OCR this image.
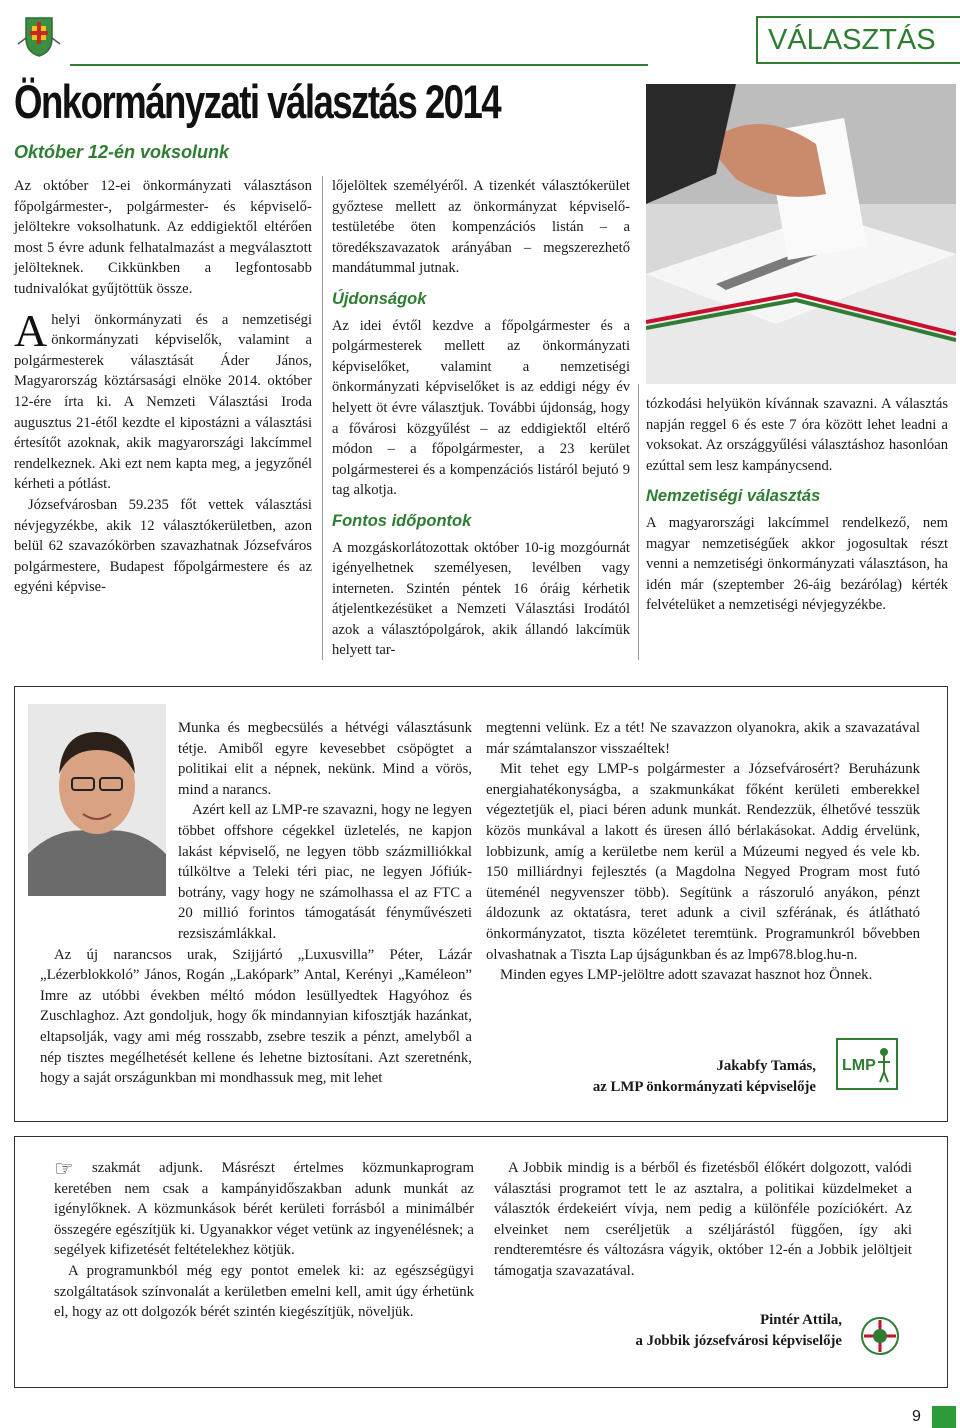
VÁLASZTÁS
Önkormányzati választás 2014
Október 12-én voksolunk

Az október 12-ei önkormányzati választáson főpolgármester-, polgármester- és képviselő-jelöltekre voksolhatunk. Az eddigiektől eltérően most 5 évre adunk felhatalmazást a megválasztott jelölteknek. Cikkünkben a legfontosabb tudnivalókat gyűjtöttük össze.

Ahelyi önkormányzati és a nemzetiségi önkormányzati képviselők, valamint a polgármesterek választását Áder János, Magyarország köztársasági elnöke 2014. október 12-ére írta ki. A Nemzeti Választási Iroda augusztus 21-étől kezdte el kipostázni a választási értesítőt azoknak, akik magyarországi lakcímmel rendelkeznek. Aki ezt nem kapta meg, a jegyzőnél kérheti a pótlást.

Józsefvárosban 59.235 főt vettek választási névjegyzékbe, akik 12 választókerületben, azon belül 62 szavazókörben szavazhatnak Józsefváros polgármestere, Budapest főpolgármestere és az egyéni képvise-

lőjelöltek személyéről. A tizenkét választókerület győztese mellett az önkormányzat képviselő-testületébe öten kompenzációs listán – a töredékszavazatok arányában – megszerezhető mandátummal jutnak.

Újdonságok

Az idei évtől kezdve a főpolgármester és a polgármesterek mellett az önkormányzati képviselőket, valamint a nemzetiségi önkormányzati képviselőket is az eddigi négy év helyett öt évre választjuk. További újdonság, hogy a fővárosi közgyűlést – az eddigiektől eltérő módon – a főpolgármester, a 23 kerület polgármesterei és a kompenzációs listáról bejutó 9 tag alkotja.

Fontos időpontok

A mozgáskorlátozottak október 10-ig mozgóurnát igényelhetnek személyesen, levélben vagy interneten. Szintén péntek 16 óráig kérhetik átjelentkezésüket a Nemzeti Választási Irodától azok a választópolgárok, akik állandó lakcímük helyett tar-

tózkodási helyükön kívánnak szavazni. A választás napján reggel 6 és este 7 óra között lehet leadni a voksokat. Az országgyűlési választáshoz hasonlóan ezúttal sem lesz kampánycsend.

Nemzetiségi választás

A magyarországi lakcímmel rendelkező, nem magyar nemzetiségűek akkor jogosultak részt venni a nemzetiségi önkormányzati választáson, ha idén már (szeptember 26-áig bezárólag) kérték felvételüket a nemzetiségi névjegyzékbe.

Munka és megbecsülés a hétvégi választásunk tétje. Amiből egyre kevesebbet csöpögtet a politikai elit a népnek, nekünk. Mind a vörös, mind a narancs.

Azért kell az LMP-re szavazni, hogy ne legyen többet offshore cégekkel üzletelés, ne kapjon lakást képviselő, ne legyen több százmilliókkal túlköltve a Teleki téri piac, ne legyen Jófiúk-botrány, vagy hogy ne számolhassa el az FTC a 20 millió forintos támogatását fényművészeti rezsiszámlákkal.

Az új narancsos urak, Szijjártó „Luxusvilla” Péter, Lázár „Lézerblokkoló” János, Rogán „Lakópark” Antal, Kerényi „Kaméleon” Imre az utóbbi években méltó módon lesüllyedtek Hagyóhoz és Zuschlaghoz. Azt gondoljuk, hogy ők mindannyian kifosztják hazánkat, eltapsolják, vagy ami még rosszabb, zsebre teszik a pénzt, amelyből a nép tisztes megélhetését kellene és lehetne biztosítani. Azt szeretnénk, hogy a saját országunkban mi mondhassuk meg, mit lehet

megtenni velünk. Ez a tét! Ne szavazzon olyanokra, akik a szavazatával már számtalanszor visszaéltek!

Mit tehet egy LMP-s polgármester a Józsefvárosért? Beruházunk energiahatékonyságba, a szakmunkákat főként kerületi emberekkel végeztetjük el, piaci béren adunk munkát. Rendezzük, élhetővé tesszük közös munkával a lakott és üresen álló bérlakásokat. Addig érvelünk, lobbizunk, amíg a kerületbe nem kerül a Múzeumi negyed és vele kb. 150 milliárdnyi fejlesztés (a Magdolna Negyed Program most futó üteménél negyvenszer több). Segítünk a rászoruló anyákon, pénzt áldozunk az oktatásra, teret adunk a civil szférának, és átlátható önkormányzatot, tiszta közéletet teremtünk. Programunkról bővebben olvashatnak a Tiszta Lap újságunkban és az lmp678.blog.hu-n.

Minden egyes LMP-jelöltre adott szavazat hasznot hoz Önnek.

Jakabfy Tamás,

az LMP önkormányzati képviselője

LMP
☞	szakmát adjunk. Másrészt értelmes közmunkaprogram keretében nem csak a kampányidőszakban adunk munkát az igénylőknek. A közmunkások bérét kerületi forrásból a minimálbér összegére egészítjük ki. Ugyanakkor véget vetünk az ingyenélésnek; a segélyek kifizetését feltételekhez kötjük.

A programunkból még egy pontot emelek ki: az egészségügyi szolgáltatások színvonalát a kerületben emelni kell, amit úgy érhetünk el, hogy az ott dolgozók bérét szintén kiegészítjük, növeljük.

A Jobbik mindig is a bérből és fizetésből élőkért dolgozott, valódi választási programot tett le az asztalra, a politikai küzdelmeket a választók érdekeiért vívja, nem pedig a különféle pozíciókért. Az elveinket nem cseréljetük a széljárástól függően, így aki rendteremtésre és változásra vágyik, október 12-én a Jobbik jelöltjeit támogatja szavazatával.

Pintér Attila,

a Jobbik józsefvárosi képviselője

9
